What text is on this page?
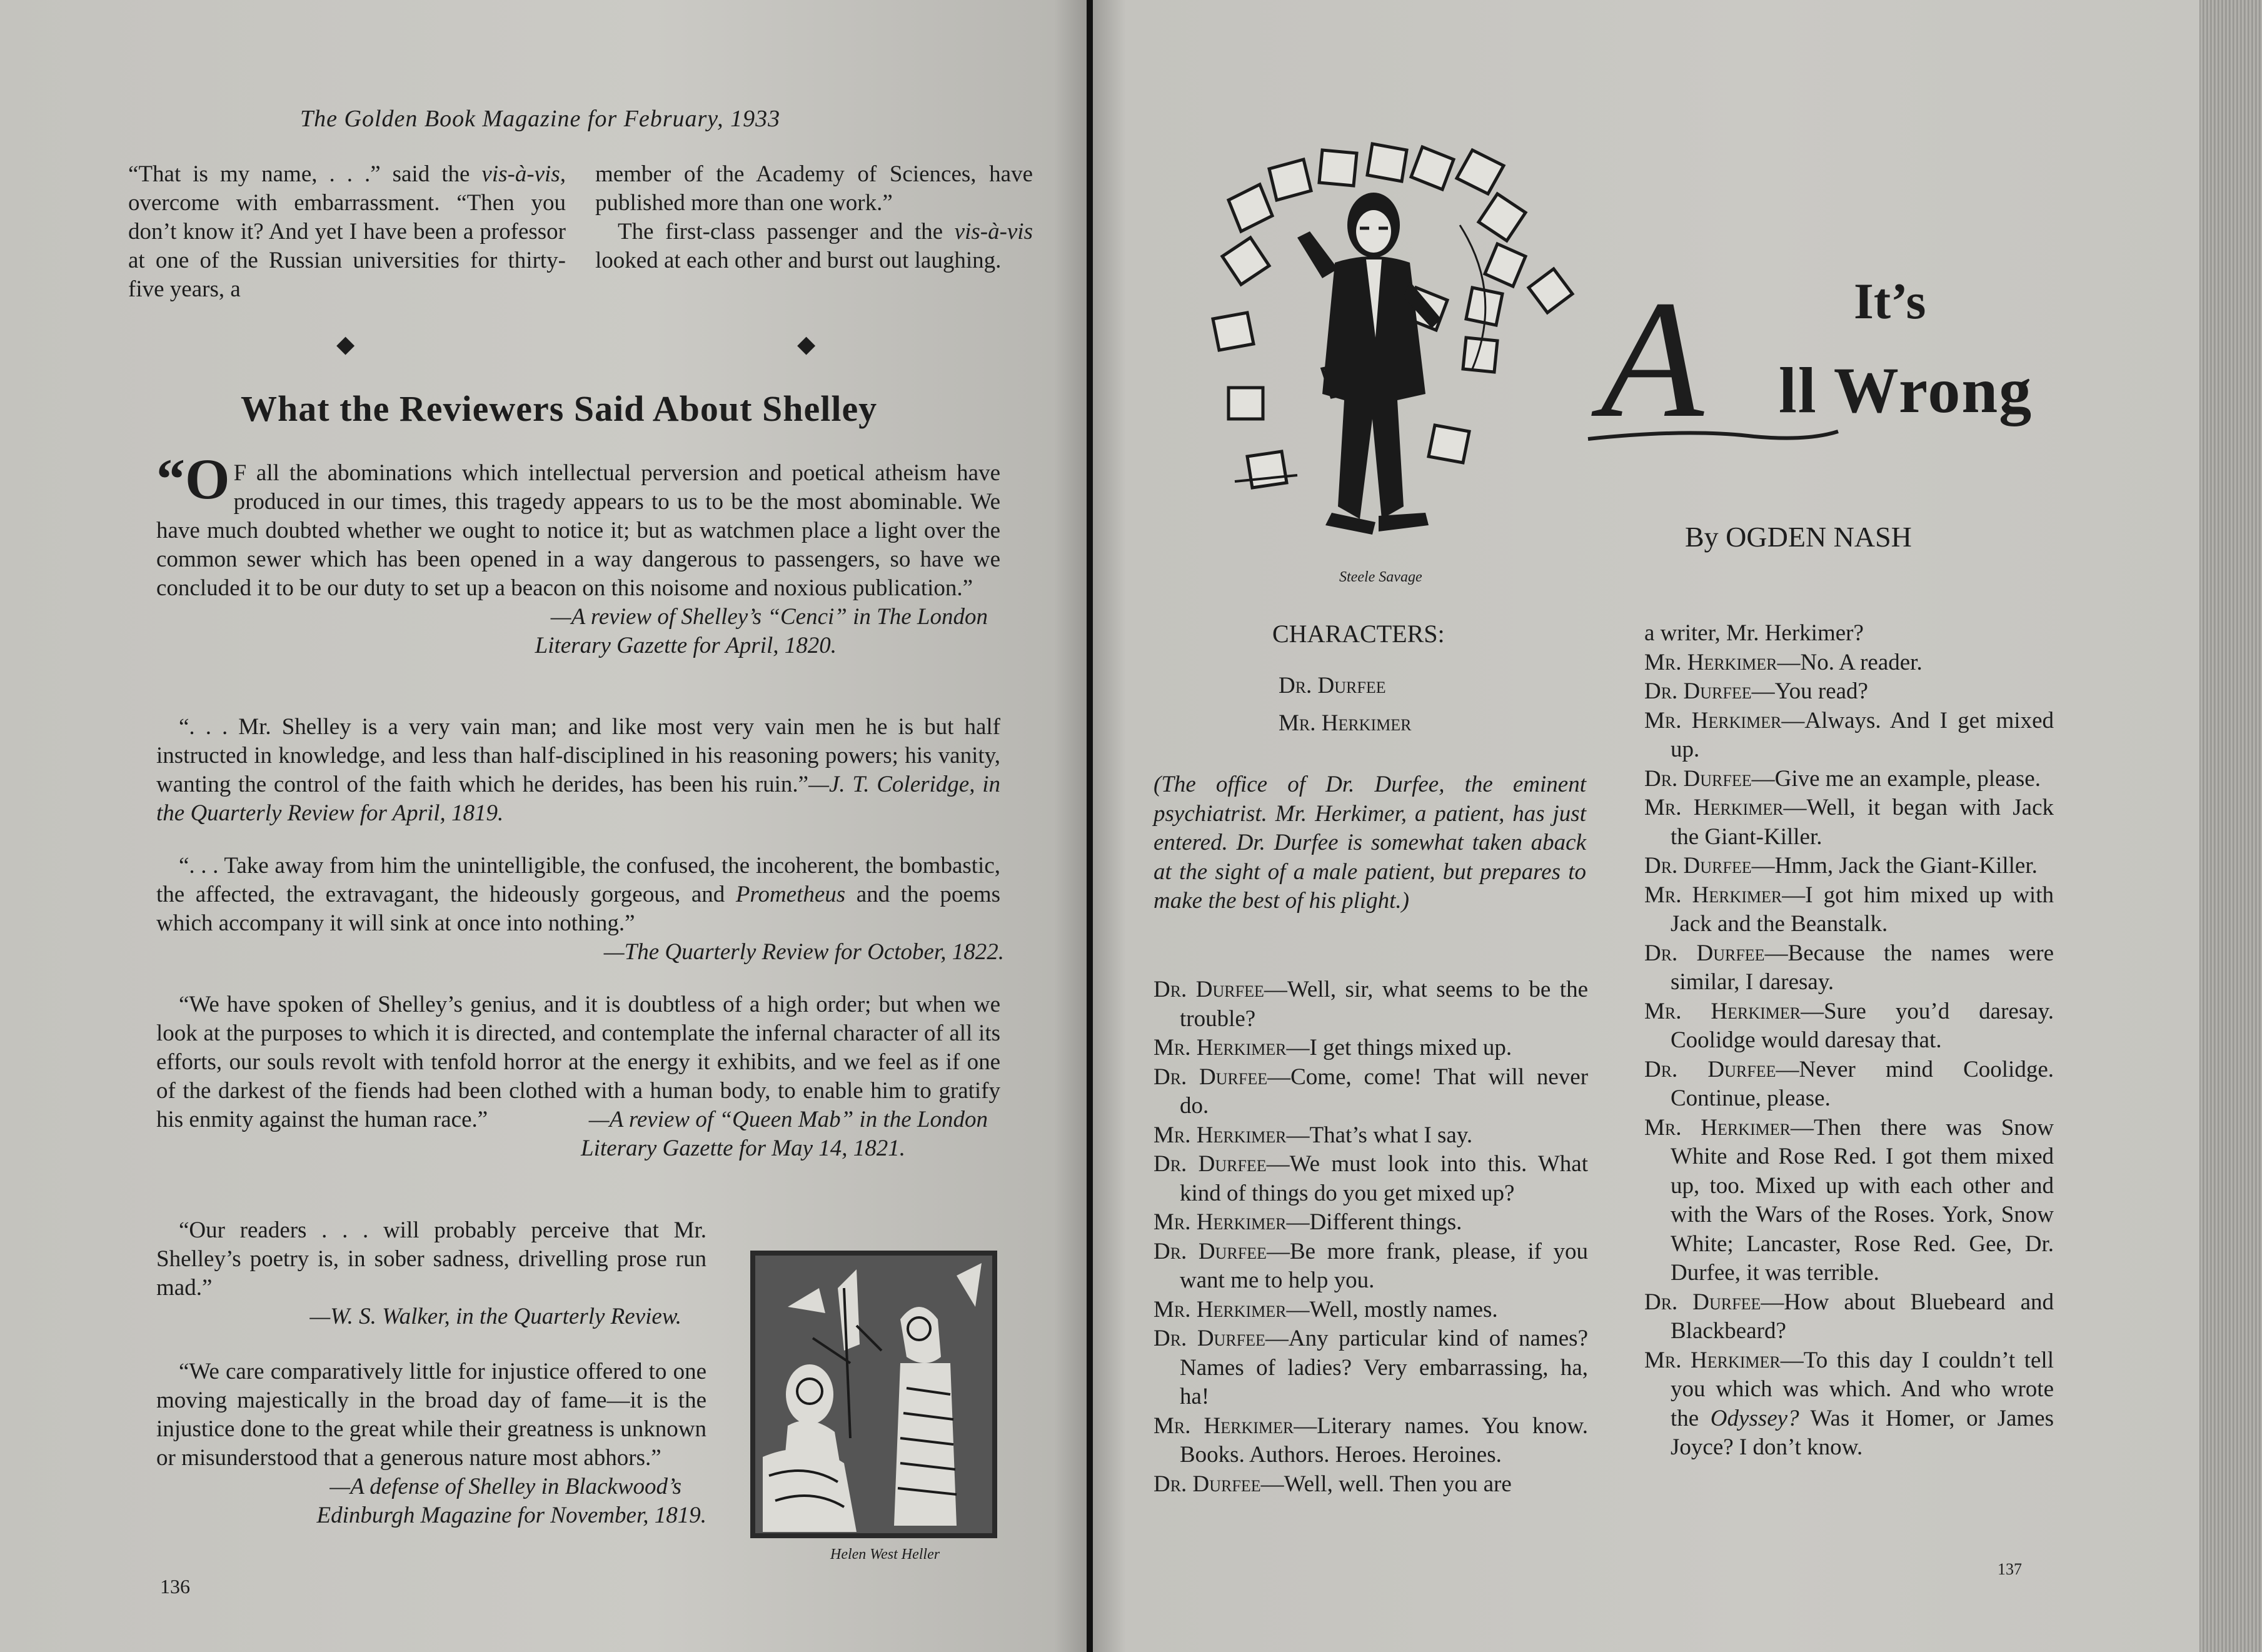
The Golden Book Magazine for February, 1933

“That is my name, . . .” said the vis-à-vis, overcome with embarrassment. “Then you don’t know it? And yet I have been a professor at one of the Russian universities for thirty-five years, a

member of the Academy of Sciences, have published more than one work.”

The first-class passenger and the vis-à-vis looked at each other and burst out laughing.

◆	◆
What the Reviewers Said About Shelley

“O F all the abominations which intellectual perversion and poetical atheism have produced in our times, this tragedy appears to us to be the most abominable. We have much doubted whether we ought to notice it; but as watchmen place a light over the common sewer which has been opened in a way dangerous to passengers, so have we concluded it to be our duty to set up a beacon on this noisome and noxious publication.”

—A review of Shelley’s “Cenci” in The London
Literary Gazette for April, 1820.

“. . . Mr. Shelley is a very vain man; and like most very vain men he is but half instructed in knowledge, and less than half-disciplined in his reasoning powers; his vanity, wanting the control of the faith which he derides, has been his ruin.”—J. T. Coleridge, in the Quarterly Review for April, 1819.

“. . . Take away from him the unintelligible, the confused, the incoherent, the bombastic, the affected, the extravagant, the hideously gorgeous, and Prometheus and the poems which accompany it will sink at once into nothing.”
—The Quarterly Review for October, 1822.

“We have spoken of Shelley’s genius, and it is doubtless of a high order; but when we look at the purposes to which it is directed, and contemplate the infernal character of all its efforts, our souls revolt with tenfold horror at the energy it exhibits, and we feel as if one of the darkest of the fiends had been clothed with a human body, to enable him to gratify his enmity against the human race.”	—A review of “Queen Mab” in the London
Literary Gazette for May 14, 1821.

“Our readers . . . will probably perceive that Mr. Shelley’s poetry is, in sober sadness, drivelling prose run mad.”

—W. S. Walker, in the Quarterly Review.

“We care comparatively little for injustice offered to one moving majestically in the broad day of fame—it is the injustice done to the great while their greatness is unknown or misunderstood that a generous nature most abhors.”

—A defense of Shelley in Blackwood’s
Edinburgh Magazine for November, 1819.
Helen West Heller
136
Steele Savage
A	It’s
ll Wrong
By OGDEN NASH
CHARACTERS:
Dr. Durfee
Mr. Herkimer

(The office of Dr. Durfee, the eminent psychiatrist. Mr. Herkimer, a patient, has just entered. Dr. Durfee is somewhat taken aback at the sight of a male patient, but prepares to make the best of his plight.)

Dr. Durfee—Well, sir, what seems to be the trouble?

Mr. Herkimer—I get things mixed up.

Dr. Durfee—Come, come! That will never do.

Mr. Herkimer—That’s what I say.

Dr. Durfee—We must look into this. What kind of things do you get mixed up?

Mr. Herkimer—Different things.

Dr. Durfee—Be more frank, please, if you want me to help you.

Mr. Herkimer—Well, mostly names.

Dr. Durfee—Any particular kind of names? Names of ladies? Very embarrassing, ha, ha!

Mr. Herkimer—Literary names. You know. Books. Authors. Heroes. Heroines.

Dr. Durfee—Well, well. Then you are

a writer, Mr. Herkimer?

Mr. Herkimer—No. A reader.

Dr. Durfee—You read?

Mr. Herkimer—Always. And I get mixed up.

Dr. Durfee—Give me an example, please.

Mr. Herkimer—Well, it began with Jack the Giant-Killer.

Dr. Durfee—Hmm, Jack the Giant-Killer.

Mr. Herkimer—I got him mixed up with Jack and the Beanstalk.

Dr. Durfee—Because the names were similar, I daresay.

Mr. Herkimer—Sure you’d daresay. Coolidge would daresay that.

Dr. Durfee—Never mind Coolidge. Continue, please.

Mr. Herkimer—Then there was Snow White and Rose Red. I got them mixed up, too. Mixed up with each other and with the Wars of the Roses. York, Snow White; Lancaster, Rose Red. Gee, Dr. Durfee, it was terrible.

Dr. Durfee—How about Bluebeard and Blackbeard?

Mr. Herkimer—To this day I couldn’t tell you which was which. And who wrote the Odyssey? Was it Homer, or James Joyce? I don’t know.

137
